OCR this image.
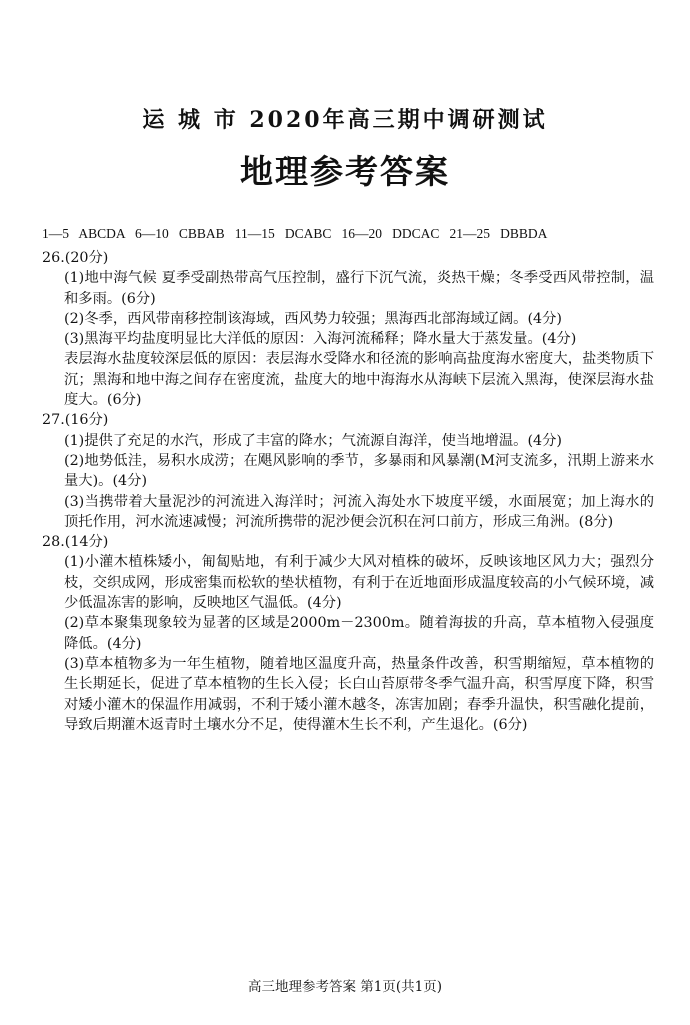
运 城 市 2020年高三期中调研测试
地理参考答案
1—5   ABCDA   6—10   CBBAB   11—15   DCABC   16—20   DDCAC   21—25   DBBDA

26.(20分)

(1)地中海气候 夏季受副热带高气压控制，盛行下沉气流，炎热干燥；冬季受西风带控制，温和多雨。(6分)

(2)冬季，西风带南移控制该海域，西风势力较强；黑海西北部海域辽阔。(4分)

(3)黑海平均盐度明显比大洋低的原因：入海河流稀释；降水量大于蒸发量。(4分)

表层海水盐度较深层低的原因：表层海水受降水和径流的影响高盐度海水密度大，盐类物质下沉；黑海和地中海之间存在密度流，盐度大的地中海海水从海峡下层流入黑海，使深层海水盐度大。(6分)

27.(16分)

(1)提供了充足的水汽，形成了丰富的降水；气流源自海洋，使当地增温。(4分)

(2)地势低洼，易积水成涝；在飓风影响的季节，多暴雨和风暴潮(M河支流多，汛期上游来水量大)。(4分)

(3)当携带着大量泥沙的河流进入海洋时；河流入海处水下坡度平缓，水面展宽；加上海水的顶托作用，河水流速减慢；河流所携带的泥沙便会沉积在河口前方，形成三角洲。(8分)

28.(14分)

(1)小灌木植株矮小，匍匐贴地，有利于减少大风对植株的破坏，反映该地区风力大；强烈分枝，交织成网，形成密集而松软的垫状植物，有利于在近地面形成温度较高的小气候环境，减少低温冻害的影响，反映地区气温低。(4分)

(2)草本聚集现象较为显著的区域是2000m－2300m。随着海拔的升高，草本植物入侵强度降低。(4分)

(3)草本植物多为一年生植物，随着地区温度升高，热量条件改善，积雪期缩短，草本植物的生长期延长，促进了草本植物的生长入侵；长白山苔原带冬季气温升高，积雪厚度下降，积雪对矮小灌木的保温作用减弱，不利于矮小灌木越冬，冻害加剧；春季升温快，积雪融化提前，导致后期灌木返青时土壤水分不足，使得灌木生长不利，产生退化。(6分)

高三地理参考答案 第1页(共1页)
